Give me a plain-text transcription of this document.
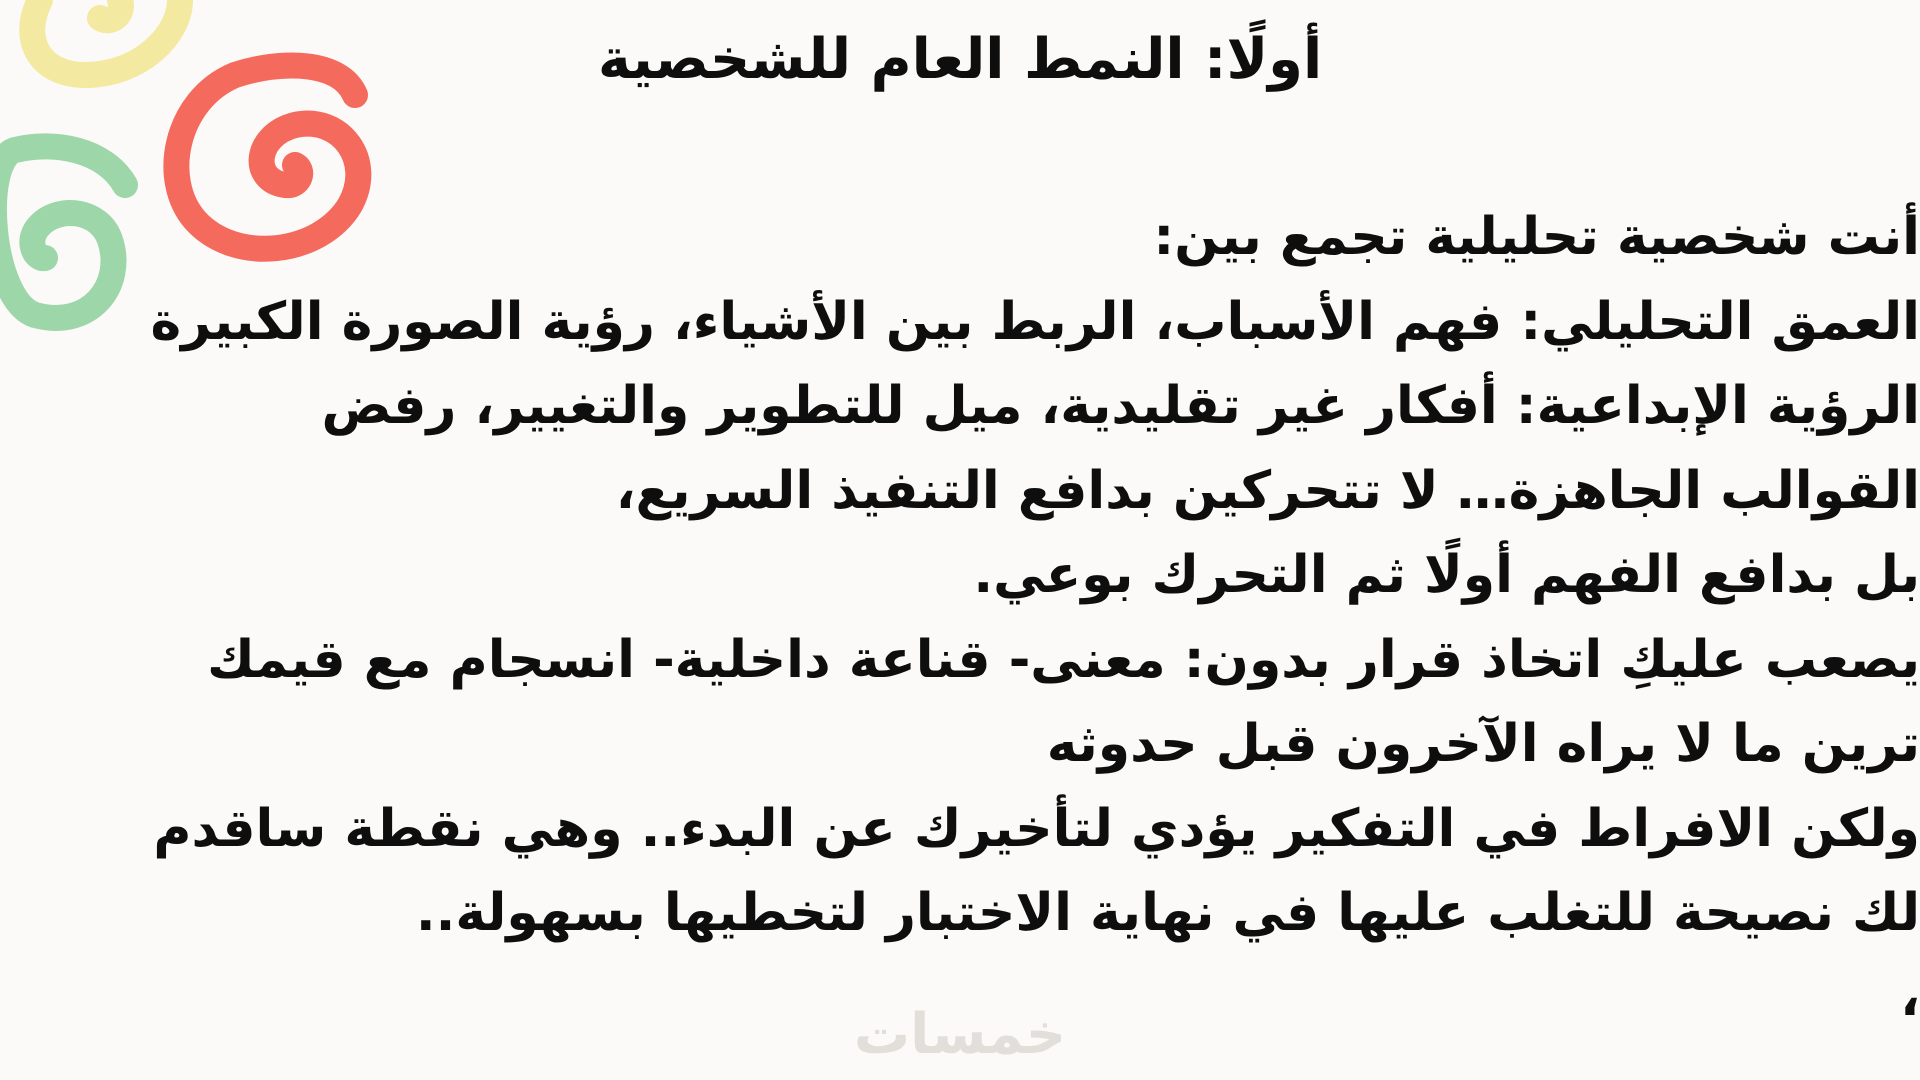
أولًا: النمط العام للشخصية
أنت شخصية تحليلية تجمع بين:
العمق التحليلي: فهم الأسباب، الربط بين الأشياء، رؤية الصورة الكبيرة
الرؤية الإبداعية: أفكار غير تقليدية، ميل للتطوير والتغيير، رفض
القوالب الجاهزة… لا تتحركين بدافع التنفيذ السريع،
بل بدافع الفهم أولًا ثم التحرك بوعي.
يصعب عليكِ اتخاذ قرار بدون: معنى- قناعة داخلية- انسجام مع قيمك
ترين ما لا يراه الآخرون قبل حدوثه
ولكن الافراط في التفكير يؤدي لتأخيرك عن البدء.. وهي نقطة ساقدم
لك نصيحة للتغلب عليها في نهاية الاختبار لتخطيها بسهولة..
،
خمسات
